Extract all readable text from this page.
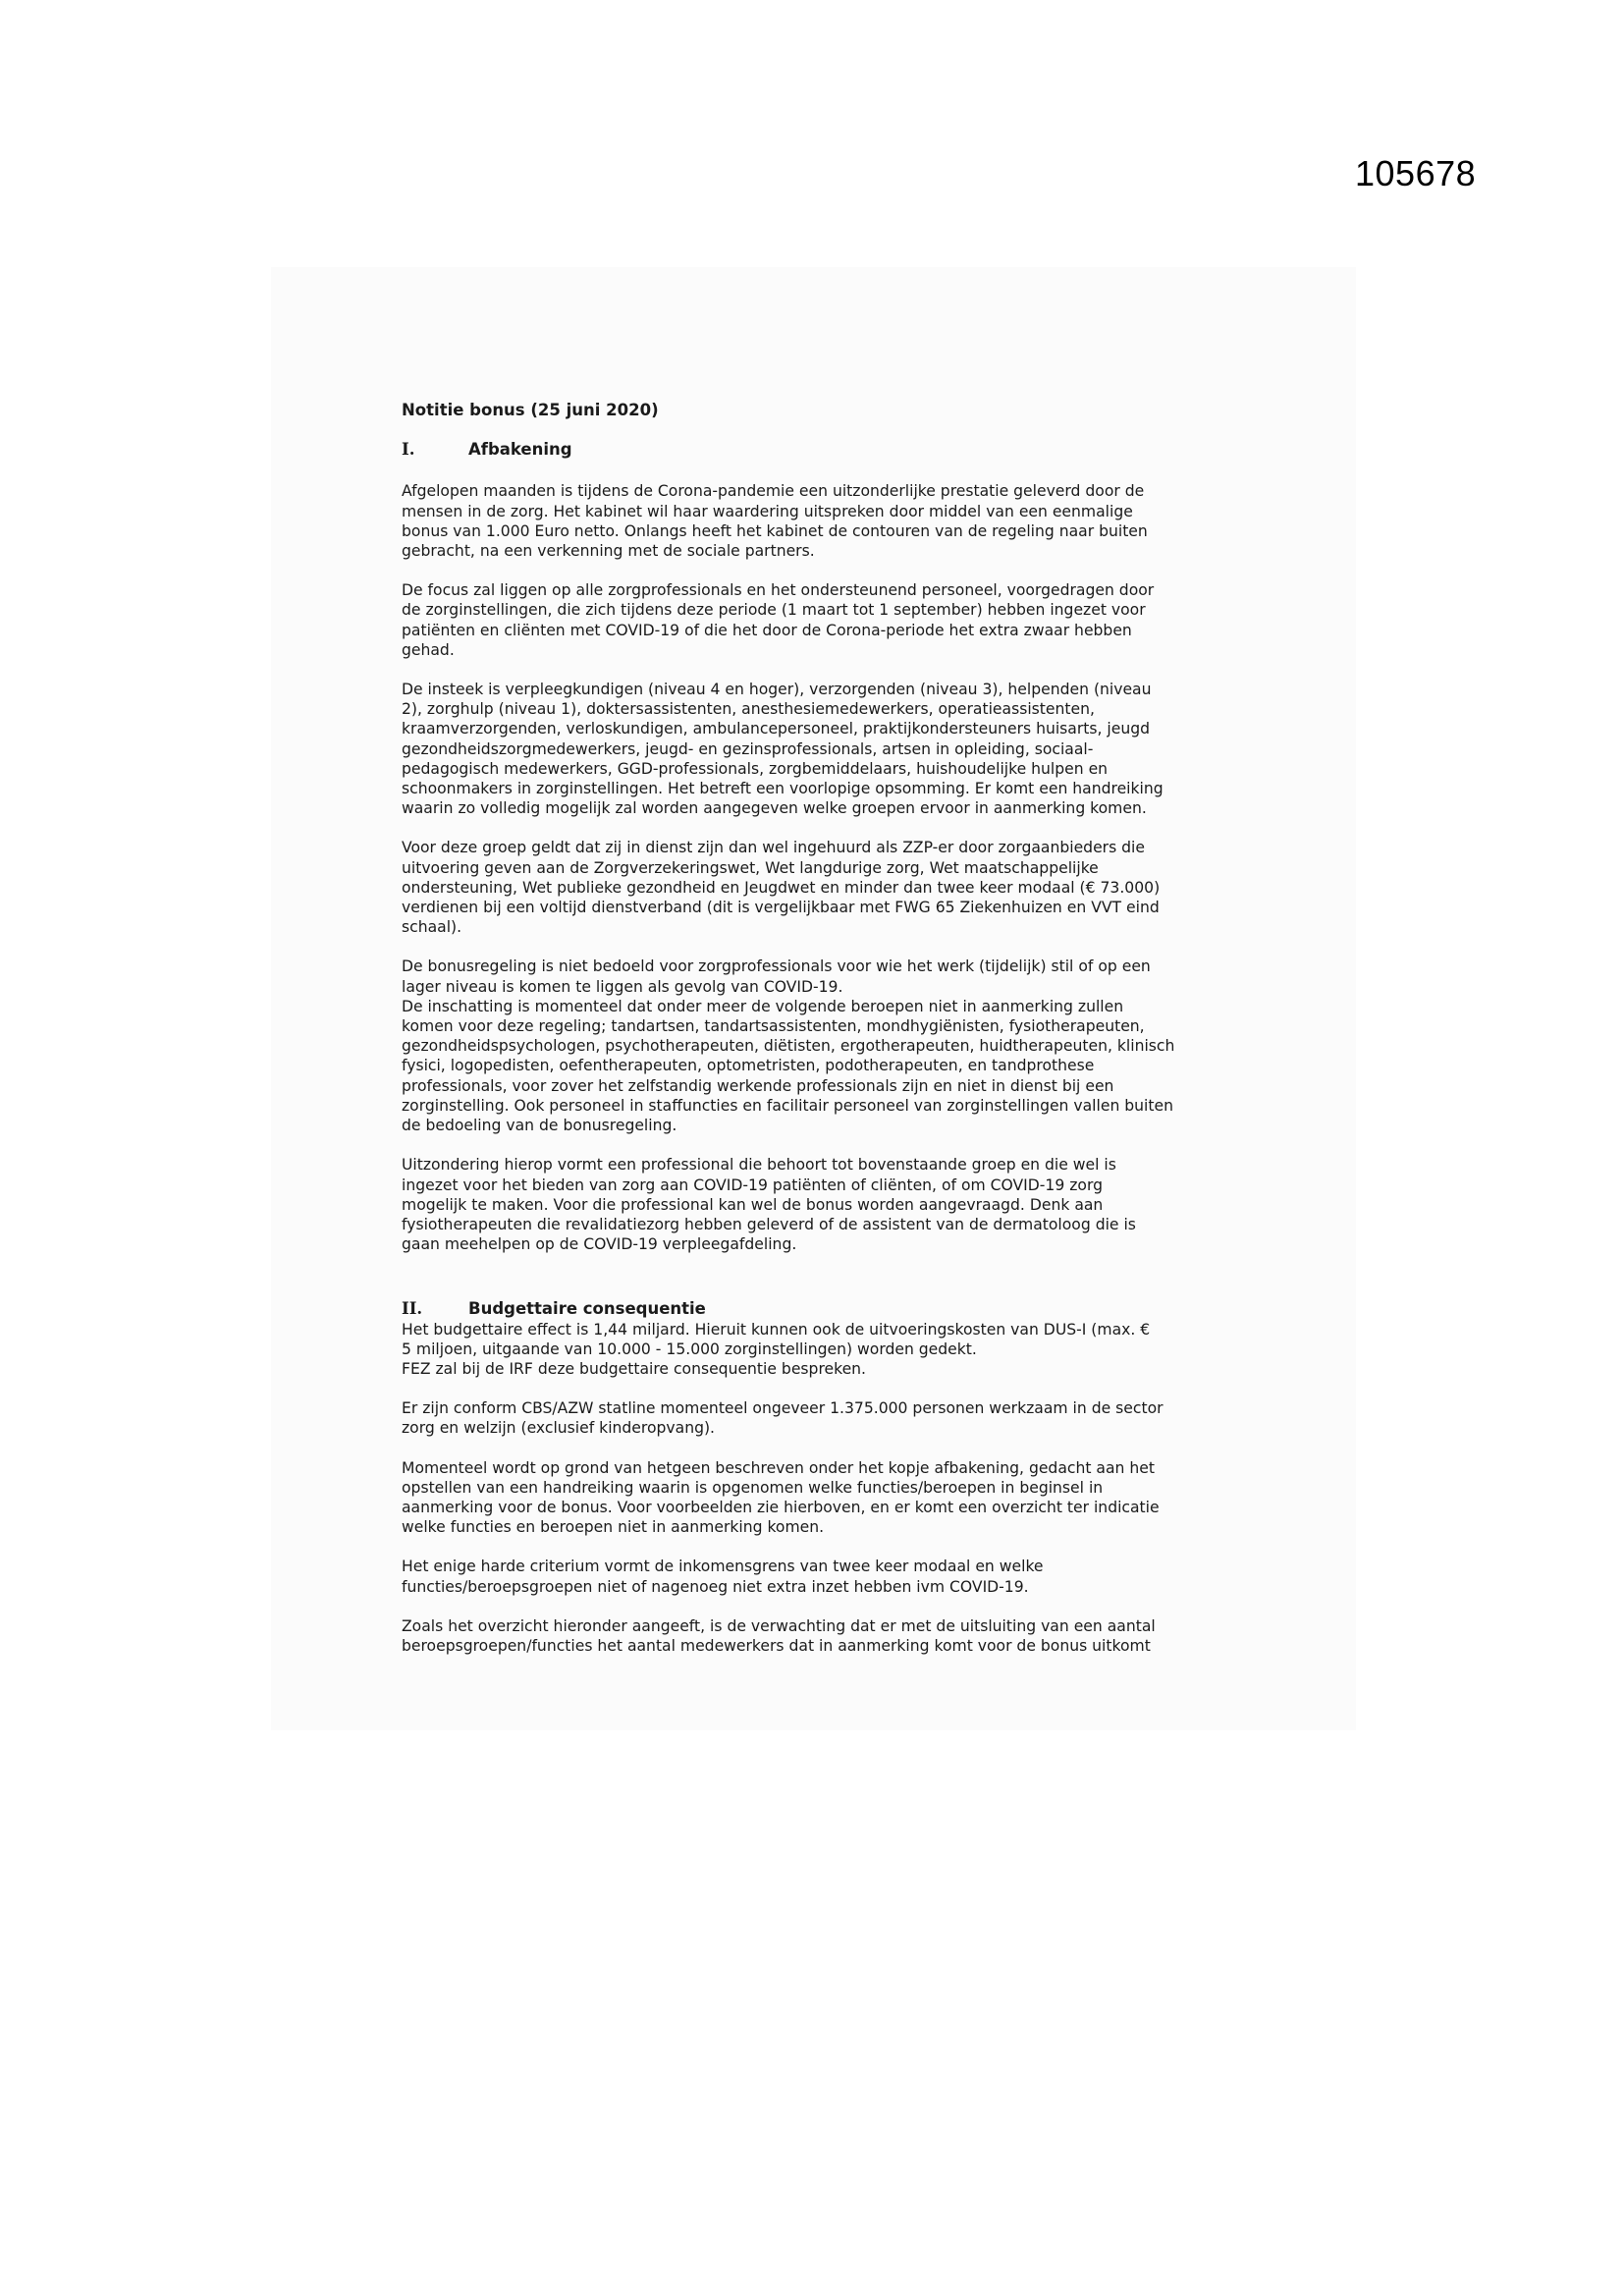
105678
Notitie bonus (25 juni 2020)
I.	Afbakening

Afgelopen maanden is tijdens de Corona-pandemie een uitzonderlijke prestatie geleverd door de
mensen in de zorg. Het kabinet wil haar waardering uitspreken door middel van een eenmalige
bonus van 1.000 Euro netto. Onlangs heeft het kabinet de contouren van de regeling naar buiten
gebracht, na een verkenning met de sociale partners.

De focus zal liggen op alle zorgprofessionals en het ondersteunend personeel, voorgedragen door
de zorginstellingen, die zich tijdens deze periode (1 maart tot 1 september) hebben ingezet voor
patiënten en cliënten met COVID-19 of die het door de Corona-periode het extra zwaar hebben
gehad.

De insteek is verpleegkundigen (niveau 4 en hoger), verzorgenden (niveau 3), helpenden (niveau
2), zorghulp (niveau 1), doktersassistenten, anesthesiemedewerkers, operatieassistenten,
kraamverzorgenden, verloskundigen, ambulancepersoneel, praktijkondersteuners huisarts, jeugd
gezondheidszorgmedewerkers, jeugd- en gezinsprofessionals, artsen in opleiding, sociaal-
pedagogisch medewerkers, GGD-professionals, zorgbemiddelaars, huishoudelijke hulpen en
schoonmakers in zorginstellingen. Het betreft een voorlopige opsomming. Er komt een handreiking
waarin zo volledig mogelijk zal worden aangegeven welke groepen ervoor in aanmerking komen.

Voor deze groep geldt dat zij in dienst zijn dan wel ingehuurd als ZZP-er door zorgaanbieders die
uitvoering geven aan de Zorgverzekeringswet, Wet langdurige zorg, Wet maatschappelijke
ondersteuning, Wet publieke gezondheid en Jeugdwet en minder dan twee keer modaal (€ 73.000)
verdienen bij een voltijd dienstverband (dit is vergelijkbaar met FWG 65 Ziekenhuizen en VVT eind
schaal).

De bonusregeling is niet bedoeld voor zorgprofessionals voor wie het werk (tijdelijk) stil of op een
lager niveau is komen te liggen als gevolg van COVID-19.
De inschatting is momenteel dat onder meer de volgende beroepen niet in aanmerking zullen
komen voor deze regeling; tandartsen, tandartsassistenten, mondhygiënisten, fysiotherapeuten,
gezondheidspsychologen, psychotherapeuten, diëtisten, ergotherapeuten, huidtherapeuten, klinisch
fysici, logopedisten, oefentherapeuten, optometristen, podotherapeuten, en tandprothese
professionals, voor zover het zelfstandig werkende professionals zijn en niet in dienst bij een
zorginstelling. Ook personeel in staffuncties en facilitair personeel van zorginstellingen vallen buiten
de bedoeling van de bonusregeling.

Uitzondering hierop vormt een professional die behoort tot bovenstaande groep en die wel is
ingezet voor het bieden van zorg aan COVID-19 patiënten of cliënten, of om COVID-19 zorg
mogelijk te maken. Voor die professional kan wel de bonus worden aangevraagd. Denk aan
fysiotherapeuten die revalidatiezorg hebben geleverd of de assistent van de dermatoloog die is
gaan meehelpen op de COVID-19 verpleegafdeling.

II.	Budgettaire consequentie

Het budgettaire effect is 1,44 miljard. Hieruit kunnen ook de uitvoeringskosten van DUS-I (max. €
5 miljoen, uitgaande van 10.000 - 15.000 zorginstellingen) worden gedekt.
FEZ zal bij de IRF deze budgettaire consequentie bespreken.

Er zijn conform CBS/AZW statline momenteel ongeveer 1.375.000 personen werkzaam in de sector
zorg en welzijn (exclusief kinderopvang).

Momenteel wordt op grond van hetgeen beschreven onder het kopje afbakening, gedacht aan het
opstellen van een handreiking waarin is opgenomen welke functies/beroepen in beginsel in
aanmerking voor de bonus. Voor voorbeelden zie hierboven, en er komt een overzicht ter indicatie
welke functies en beroepen niet in aanmerking komen.

Het enige harde criterium vormt de inkomensgrens van twee keer modaal en welke
functies/beroepsgroepen niet of nagenoeg niet extra inzet hebben ivm COVID-19.

Zoals het overzicht hieronder aangeeft, is de verwachting dat er met de uitsluiting van een aantal
beroepsgroepen/functies het aantal medewerkers dat in aanmerking komt voor de bonus uitkomt
